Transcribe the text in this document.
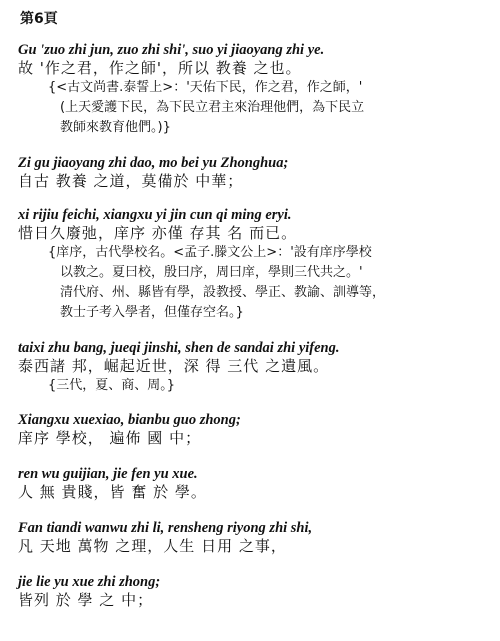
第6頁
Gu 'zuo zhi jun, zuo zhi shi', suo yi jiaoyang zhi ye.
故 '作之君，作之師'，所以 教養 之也。
{<古文尚書.泰誓上>：'天佑下民，作之君，作之師，'
(上天愛護下民，為下民立君主來治理他們，為下民立
教師來教育他們。)}
Zi gu jiaoyang zhi dao, mo bei yu Zhonghua;
自古 教養 之道，莫備於 中華；
xi rijiu feichi, xiangxu yi jin cun qi ming eryi.
惜日久廢弛，庠序 亦僅 存其 名 而已。
{庠序，古代學校名。<孟子.滕文公上>：'設有庠序學校
以教之。夏曰校，殷曰序，周曰庠，學則三代共之。'
清代府、州、縣皆有學，設教授、學正、教諭、訓導等，
教士子考入學者，但僅存空名。}
taixi zhu bang, jueqi jinshi, shen de sandai zhi yifeng.
泰西諸 邦，崛起近世，深 得 三代 之遺風。
{三代，夏、商、周。}
Xiangxu xuexiao, bianbu guo zhong;
庠序 學校， 遍佈 國 中；
ren wu guijian, jie fen yu xue.
人 無 貴賤，皆 奮 於 學。
Fan tiandi wanwu zhi li, rensheng riyong zhi shi,
凡 天地 萬物 之理，人生 日用 之事，
jie lie yu xue zhi zhong;
皆列 於 學 之 中；
